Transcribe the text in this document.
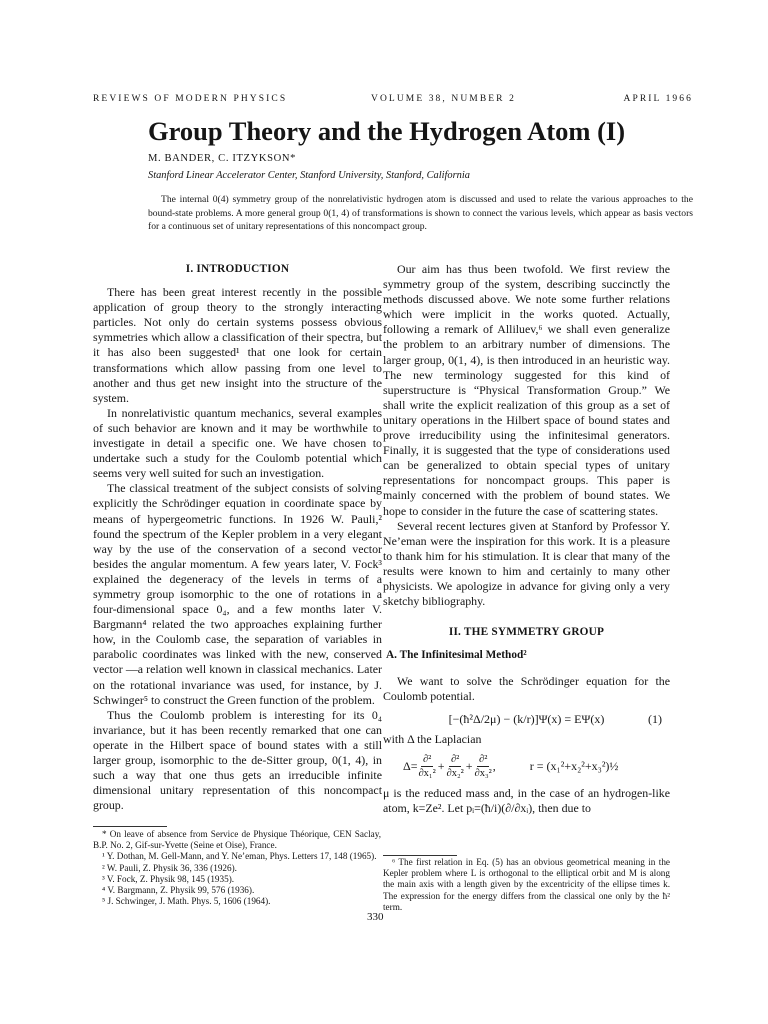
REVIEWS OF MODERN PHYSICS	VOLUME 38, NUMBER 2	APRIL 1966
Group Theory and the Hydrogen Atom (I)
M. BANDER, C. ITZYKSON*
Stanford Linear Accelerator Center, Stanford University, Stanford, California
The internal 0(4) symmetry group of the nonrelativistic hydrogen atom is discussed and used to relate the various approaches to the bound-state problems. A more general group 0(1, 4) of transformations is shown to connect the various levels, which appear as basis vectors for a continuous set of unitary representations of this noncompact group.
I. INTRODUCTION

There has been great interest recently in the possible application of group theory to the strongly interacting particles. Not only do certain systems possess obvious symmetries which allow a classification of their spectra, but it has also been suggested¹ that one look for certain transformations which allow passing from one level to another and thus get new insight into the structure of the system.

In nonrelativistic quantum mechanics, several examples of such behavior are known and it may be worthwhile to investigate in detail a specific one. We have chosen to undertake such a study for the Coulomb potential which seems very well suited for such an investigation.

The classical treatment of the subject consists of solving explicitly the Schrödinger equation in coordinate space by means of hypergeometric functions. In 1926 W. Pauli,² found the spectrum of the Kepler problem in a very elegant way by the use of the conservation of a second vector besides the angular momentum. A few years later, V. Fock³ explained the degeneracy of the levels in terms of a symmetry group isomorphic to the one of rotations in a four-dimensional space 0₄, and a few months later V. Bargmann⁴ related the two approaches explaining further how, in the Coulomb case, the separation of variables in parabolic coordinates was linked with the new, conserved vector —a relation well known in classical mechanics. Later on the rotational invariance was used, for instance, by J. Schwinger⁵ to construct the Green function of the problem.

Thus the Coulomb problem is interesting for its 0₄ invariance, but it has been recently remarked that one can operate in the Hilbert space of bound states with a still larger group, isomorphic to the de-Sitter group, 0(1, 4), in such a way that one thus gets an irreducible infinite dimensional unitary representation of this noncompact group.

Our aim has thus been twofold. We first review the symmetry group of the system, describing succinctly the methods discussed above. We note some further relations which were implicit in the works quoted. Actually, following a remark of Alliluev,⁶ we shall even generalize the problem to an arbitrary number of dimensions. The larger group, 0(1, 4), is then introduced in an heuristic way. The new terminology suggested for this kind of superstructure is “Physical Transformation Group.” We shall write the explicit realization of this group as a set of unitary operations in the Hilbert space of bound states and prove irreducibility using the infinitesimal generators. Finally, it is suggested that the type of considerations used can be generalized to obtain special types of unitary representations for noncompact groups. This paper is mainly concerned with the problem of bound states. We hope to consider in the future the case of scattering states.

Several recent lectures given at Stanford by Professor Y. Ne’eman were the inspiration for this work. It is a pleasure to thank him for his stimulation. It is clear that many of the results were known to him and certainly to many other physicists. We apologize in advance for giving only a very sketchy bibliography.

II. THE SYMMETRY GROUP
A. The Infinitesimal Method²

We want to solve the Schrödinger equation for the Coulomb potential.

[−(ħ²Δ/2μ) − (k/r)]Ψ(x) = EΨ(x)	(1)

with Δ the Laplacian

$\Delta= \frac{\text{∂²}}{\text{∂x₁²}} + \frac{\text{∂²}}{\text{∂x₂²}} + \frac{\text{∂²}}{\text{∂x₃²}}$ ,	r = (x₁²+x₂²+x₃²)½

μ is the reduced mass and, in the case of an hydrogen-like atom, k=Ze². Let pᵢ=(ħ/i)(∂/∂xᵢ), then due to

* On leave of absence from Service de Physique Théorique, CEN Saclay, B.P. No. 2, Gif-sur-Yvette (Seine et Oise), France.
¹ Y. Dothan, M. Gell-Mann, and Y. Ne’eman, Phys. Letters 17, 148 (1965).
² W. Pauli, Z. Physik 36, 336 (1926).
³ V. Fock, Z. Physik 98, 145 (1935).
⁴ V. Bargmann, Z. Physik 99, 576 (1936).
⁵ J. Schwinger, J. Math. Phys. 5, 1606 (1964).
⁶ The first relation in Eq. (5) has an obvious geometrical meaning in the Kepler problem where L is orthogonal to the elliptical orbit and M is along the main axis with a length given by the excentricity of the ellipse times k. The expression for the energy differs from the classical one only by the ħ² term.
330
